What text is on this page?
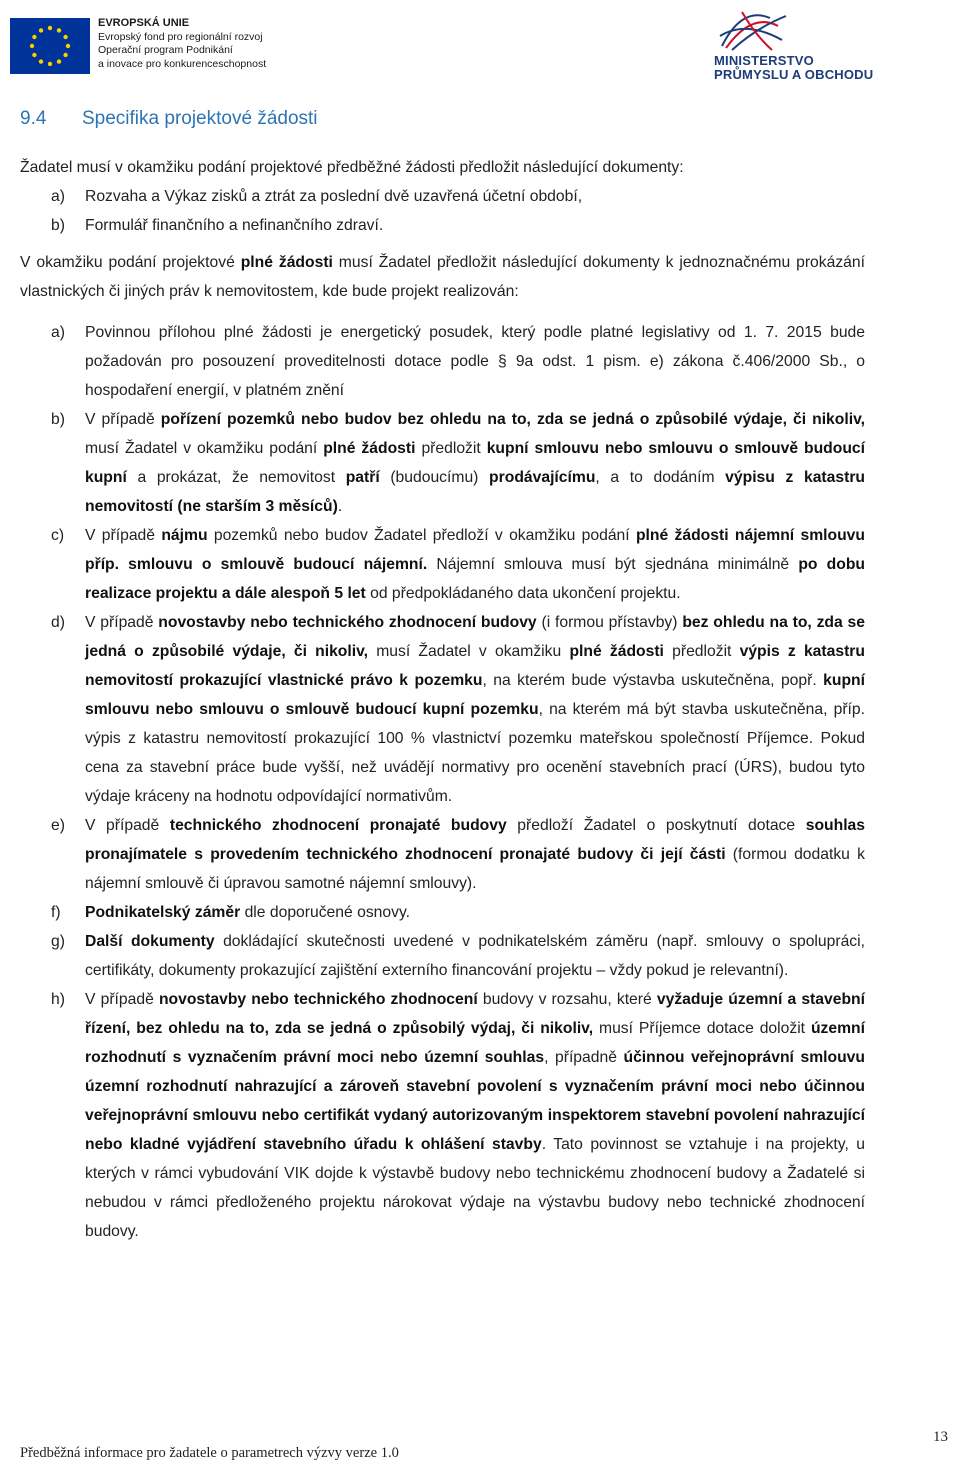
EVROPSKÁ UNIE
Evropský fond pro regionální rozvoj
Operační program Podnikání
a inovace pro konkurenceschopnost	MINISTERSTVO
PRŮMYSLU A OBCHODU
9.4 Specifika projektové žádosti

Žadatel musí v okamžiku podání projektové předběžné žádosti předložit následující dokumenty:

a) Rozvaha a Výkaz zisků a ztrát za poslední dvě uzavřená účetní období,
b) Formulář finančního a nefinančního zdraví.

V okamžiku podání projektové plné žádosti musí Žadatel předložit následující dokumenty k jednoznačnému prokázání vlastnických či jiných práv k nemovitostem, kde bude projekt realizován:

a) Povinnou přílohou plné žádosti je energetický posudek, který podle platné legislativy od 1. 7. 2015 bude požadován pro posouzení proveditelnosti dotace podle § 9a odst. 1 pism. e) zákona č.406/2000 Sb., o hospodaření energií, v platném znění
b) V případě pořízení pozemků nebo budov bez ohledu na to, zda se jedná o způsobilé výdaje, či nikoliv, musí Žadatel v okamžiku podání plné žádosti předložit kupní smlouvu nebo smlouvu o smlouvě budoucí kupní a prokázat, že nemovitost patří (budoucímu) prodávajícímu, a to dodáním výpisu z katastru nemovitostí (ne starším 3 měsíců).
c) V případě nájmu pozemků nebo budov Žadatel předloží v okamžiku podání plné žádosti nájemní smlouvu příp. smlouvu o smlouvě budoucí nájemní. Nájemní smlouva musí být sjednána minimálně po dobu realizace projektu a dále alespoň 5 let od předpokládaného data ukončení projektu.
d) V případě novostavby nebo technického zhodnocení budovy (i formou přístavby) bez ohledu na to, zda se jedná o způsobilé výdaje, či nikoliv, musí Žadatel v okamžiku plné žádosti předložit výpis z katastru nemovitostí prokazující vlastnické právo k pozemku, na kterém bude výstavba uskutečněna, popř. kupní smlouvu nebo smlouvu o smlouvě budoucí kupní pozemku, na kterém má být stavba uskutečněna, příp. výpis z katastru nemovitostí prokazující 100 % vlastnictví pozemku mateřskou společností Příjemce. Pokud cena za stavební práce bude vyšší, než uvádějí normativy pro ocenění stavebních prací (ÚRS), budou tyto výdaje kráceny na hodnotu odpovídající normativům.
e) V případě technického zhodnocení pronajaté budovy předloží Žadatel o poskytnutí dotace souhlas pronajímatele s provedením technického zhodnocení pronajaté budovy či její části (formou dodatku k nájemní smlouvě či úpravou samotné nájemní smlouvy).
f) Podnikatelský záměr dle doporučené osnovy.
g) Další dokumenty dokládající skutečnosti uvedené v podnikatelském záměru (např. smlouvy o spolupráci, certifikáty, dokumenty prokazující zajištění externího financování projektu – vždy pokud je relevantní).
h) V případě novostavby nebo technického zhodnocení budovy v rozsahu, které vyžaduje územní a stavební řízení, bez ohledu na to, zda se jedná o způsobilý výdaj, či nikoliv, musí Příjemce dotace doložit územní rozhodnutí s vyznačením právní moci nebo územní souhlas, případně účinnou veřejnoprávní smlouvu územní rozhodnutí nahrazující a zároveň stavební povolení s vyznačením právní moci nebo účinnou veřejnoprávní smlouvu nebo certifikát vydaný autorizovaným inspektorem stavební povolení nahrazující nebo kladné vyjádření stavebního úřadu k ohlášení stavby. Tato povinnost se vztahuje i na projekty, u kterých v rámci vybudování VIK dojde k výstavbě budovy nebo technickému zhodnocení budovy a Žadatelé si nebudou v rámci předloženého projektu nárokovat výdaje na výstavbu budovy nebo technické zhodnocení budovy.
Předběžná informace pro žadatele o parametrech výzvy verze 1.0
13
